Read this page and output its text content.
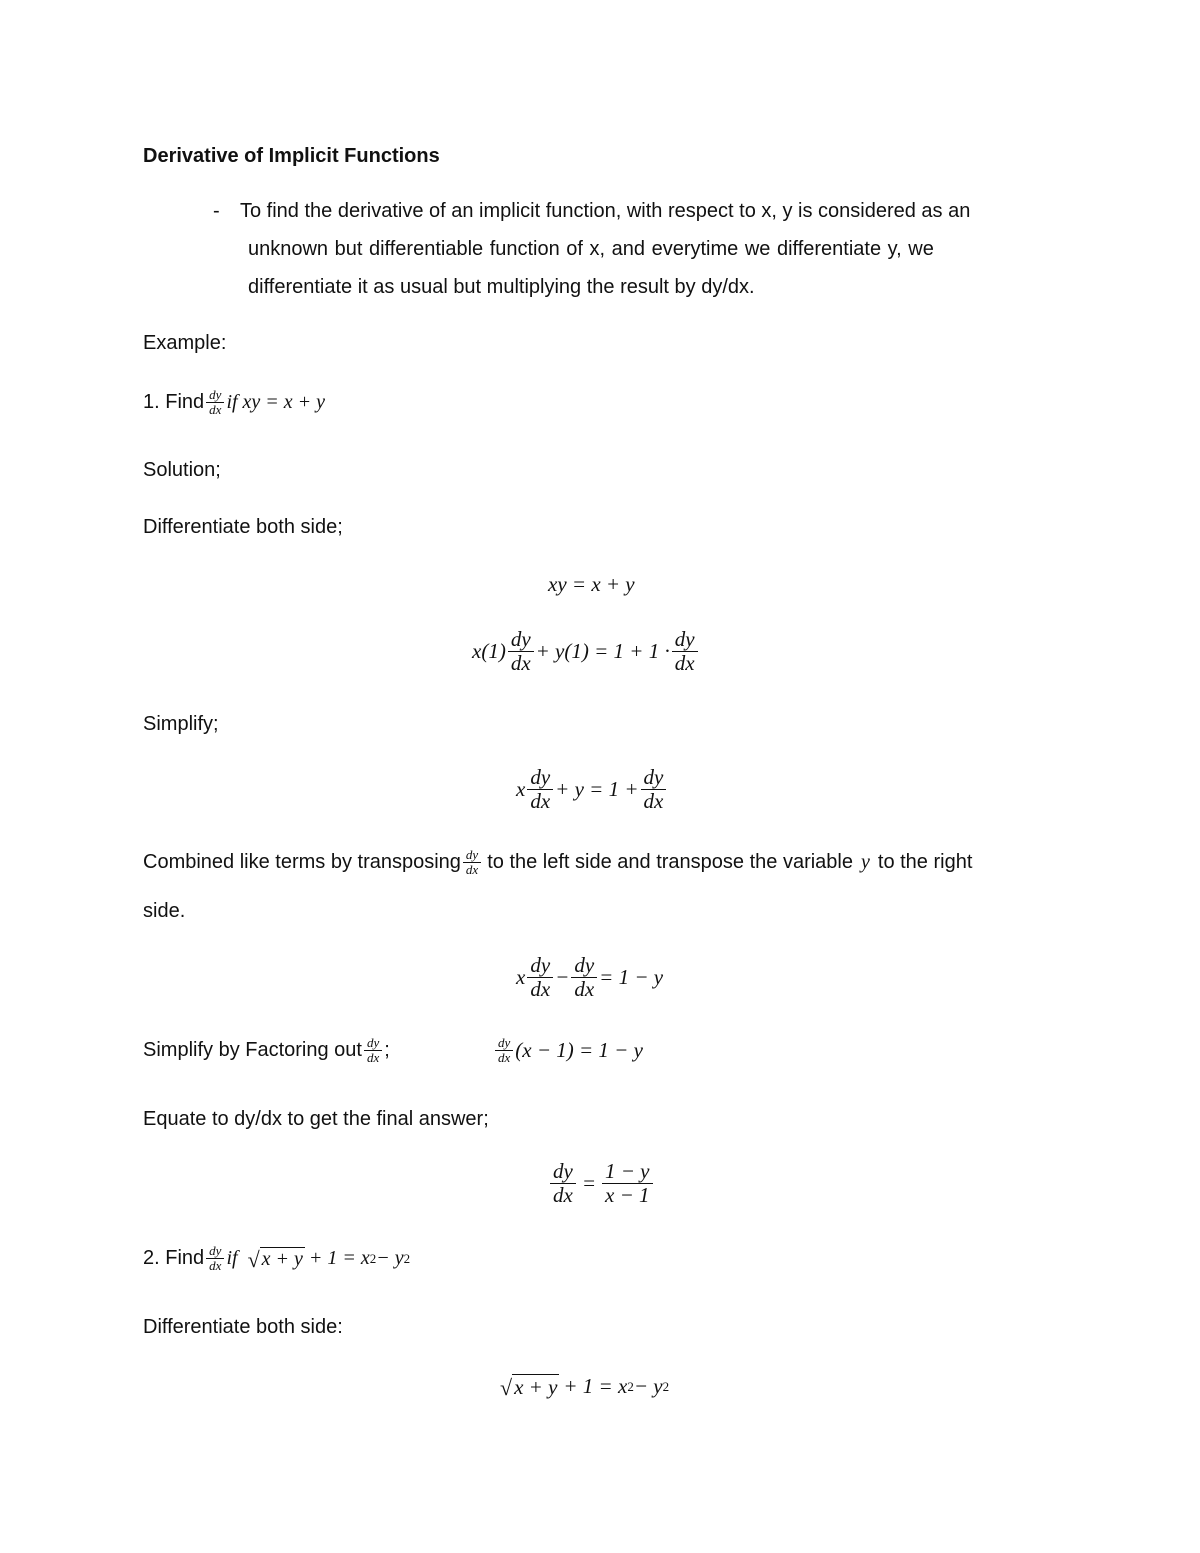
Derivative of Implicit Functions
- To find the derivative of an implicit function, with respect to x, y is considered as an
unknown but differentiable function of x, and everytime we differentiate y, we
differentiate it as usual but multiplying the result by dy/dx.
Example:
1. Find $\frac{dy}{dx}$ if xy = x + y
Solution;
Differentiate both side;
xy = x + y
$x(1) \frac{dy}{dx} + y(1) = 1 + 1 \cdot \frac{dy}{dx}$
Simplify;
x $\frac{dy}{dx} + y = 1 + \frac{dy}{dx}$
Combined like terms by transposing $\frac{dy}{dx}$ to the left side and transpose the variable y to the right
side.
x $\frac{dy}{dx} - \frac{dy}{dx} = 1 - y$
Simplify by Factoring out $\frac{dy}{dx}$ ;	$\frac{dy}{dx} (x - 1) = 1 - y$
Equate to dy/dx to get the final answer;
$\frac{dy}{dx} = \frac{1 - y}{x - 1}$
2. Find $\frac{dy}{dx}$ if √ x + y + 1 = x 2 − y 2
Differentiate both side:
√ x + y + 1 = x 2 − y 2
